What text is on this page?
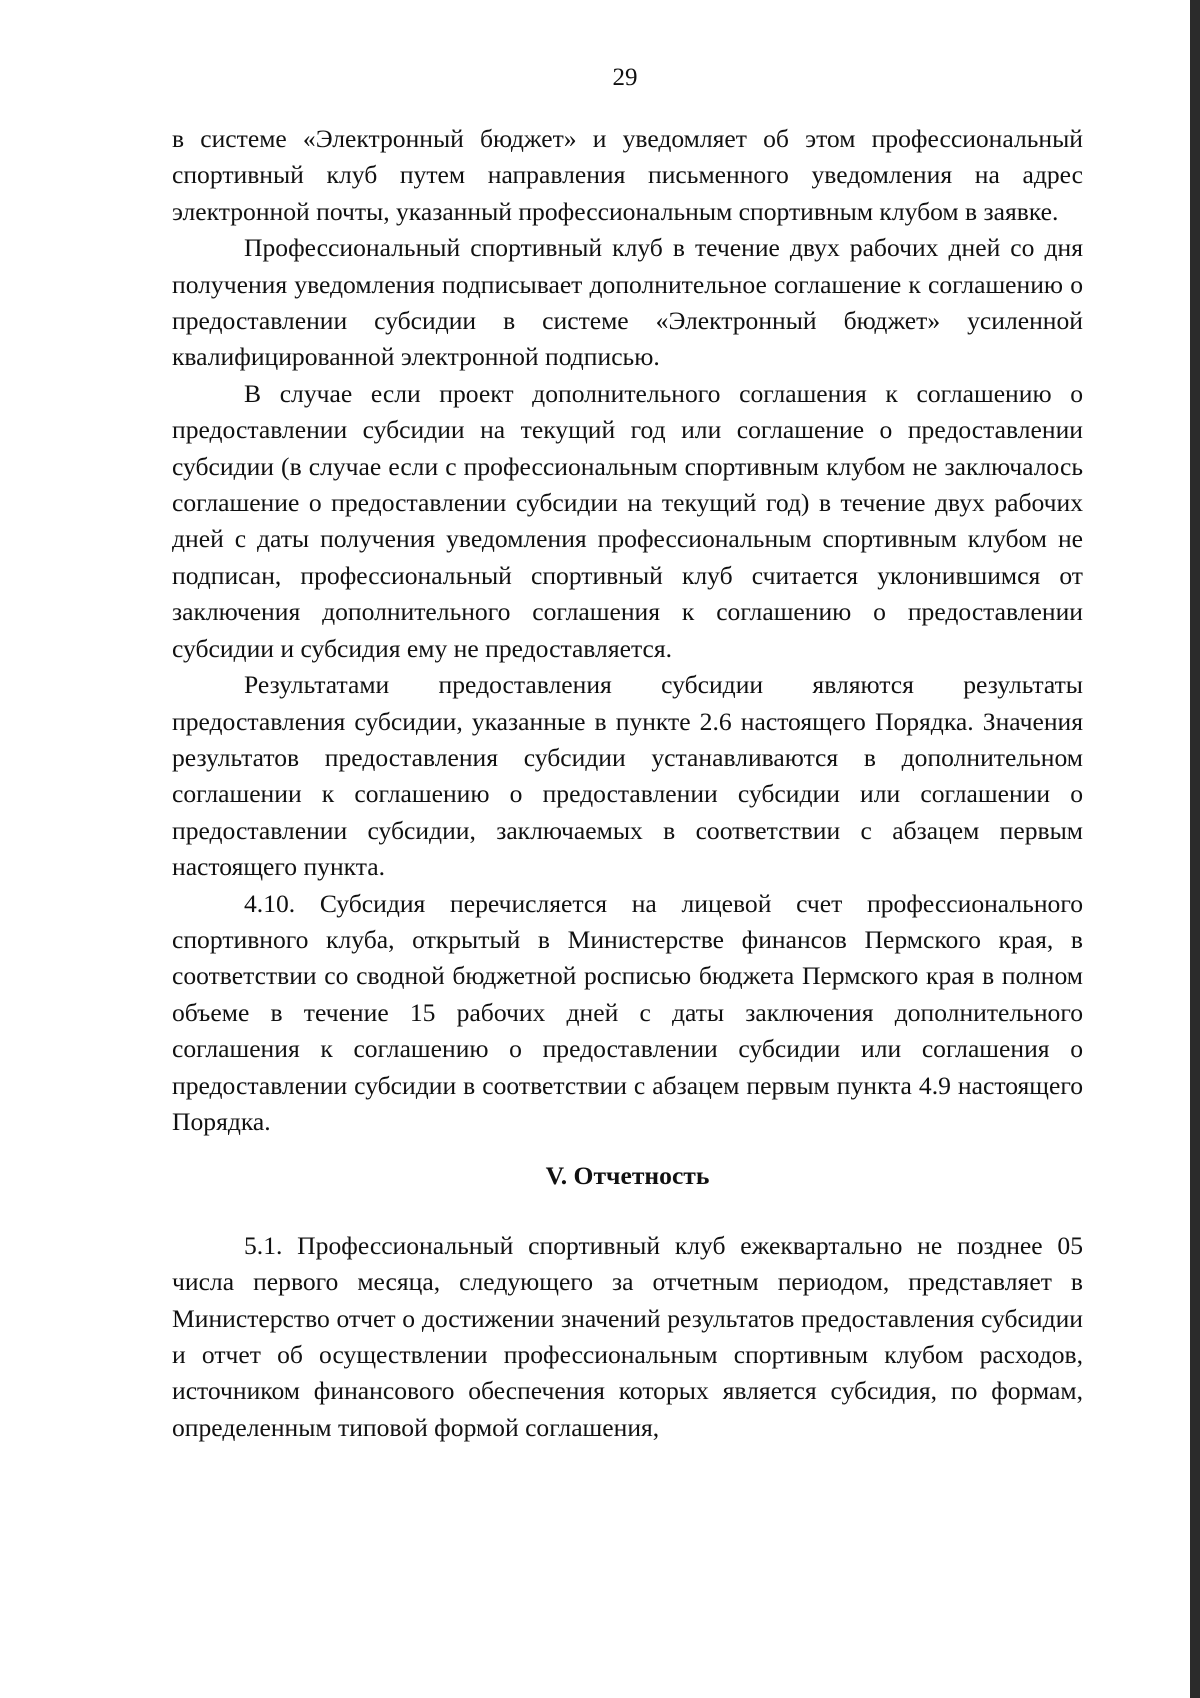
29

в системе «Электронный бюджет» и уведомляет об этом профессиональный спортивный клуб путем направления письменного уведомления на адрес электронной почты, указанный профессиональным спортивным клубом в заявке.

Профессиональный спортивный клуб в течение двух рабочих дней со дня получения уведомления подписывает дополнительное соглашение к соглашению о предоставлении субсидии в системе «Электронный бюджет» усиленной квалифицированной электронной подписью.

В случае если проект дополнительного соглашения к соглашению о предоставлении субсидии на текущий год или соглашение о предоставлении субсидии (в случае если с профессиональным спортивным клубом не заключалось соглашение о предоставлении субсидии на текущий год) в течение двух рабочих дней с даты получения уведомления профессиональным спортивным клубом не подписан, профессиональный спортивный клуб считается уклонившимся от заключения дополнительного соглашения к соглашению о предоставлении субсидии и субсидия ему не предоставляется.

Результатами предоставления субсидии являются результаты предоставления субсидии, указанные в пункте 2.6 настоящего Порядка. Значения результатов предоставления субсидии устанавливаются в дополнительном соглашении к соглашению о предоставлении субсидии или соглашении о предоставлении субсидии, заключаемых в соответствии с абзацем первым настоящего пункта.

4.10. Субсидия перечисляется на лицевой счет профессионального спортивного клуба, открытый в Министерстве финансов Пермского края, в соответствии со сводной бюджетной росписью бюджета Пермского края в полном объеме в течение 15 рабочих дней с даты заключения дополнительного соглашения к соглашению о предоставлении субсидии или соглашения о предоставлении субсидии в соответствии с абзацем первым пункта 4.9 настоящего Порядка.

V. Отчетность

5.1. Профессиональный спортивный клуб ежеквартально не позднее 05 числа первого месяца, следующего за отчетным периодом, представляет в Министерство отчет о достижении значений результатов предоставления субсидии и отчет об осуществлении профессиональным спортивным клубом расходов, источником финансового обеспечения которых является субсидия, по формам, определенным типовой формой соглашения,
